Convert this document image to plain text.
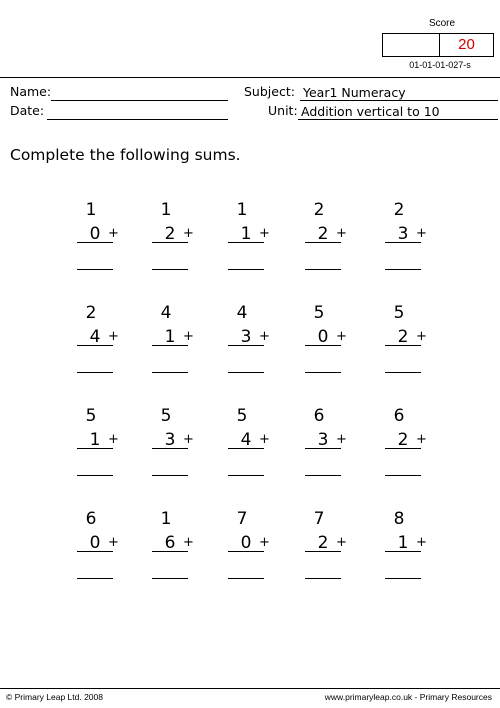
Score
20
01-01-01-027-s
Name:
Date:
Subject: Year1 Numeracy
Unit: Addition vertical to 10
Complete the following sums.
1
0 +
1
2 +
1
1 +
2
2 +
2
3 +
2
4 +
4
1 +
4
3 +
5
0 +
5
2 +
5
1 +
5
3 +
5
4 +
6
3 +
6
2 +
6
0 +
1
6 +
7
0 +
7
2 +
8
1 +
© Primary Leap Ltd. 2008	www.primaryleap.co.uk - Primary Resources
